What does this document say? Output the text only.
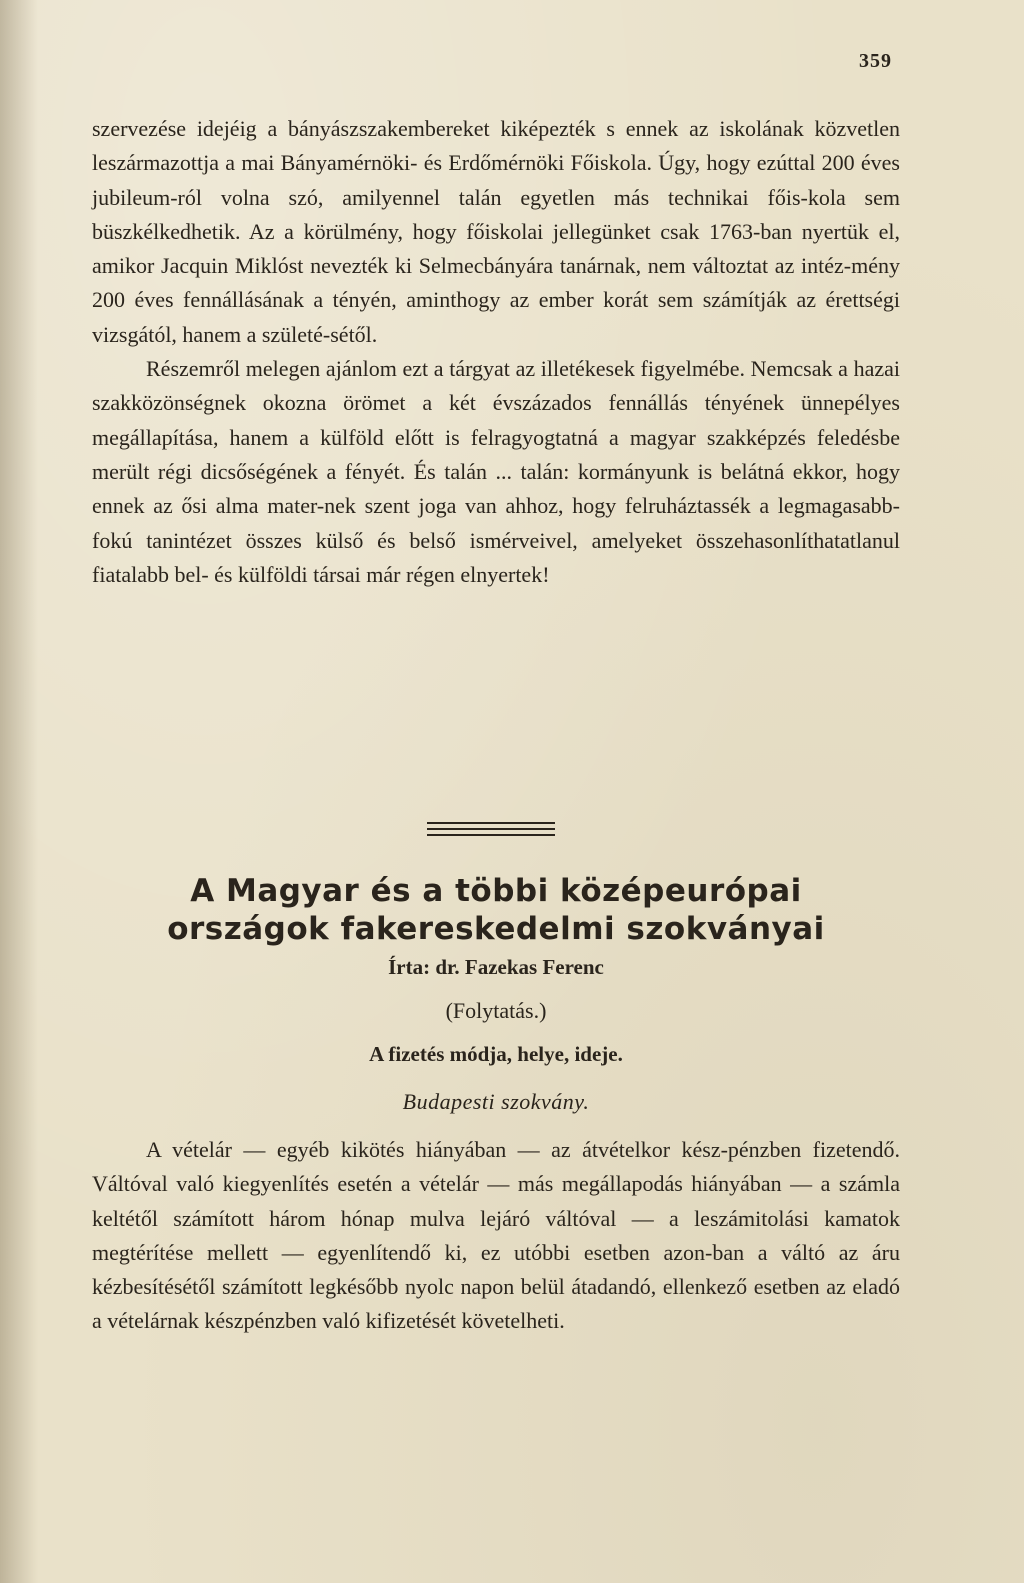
359

szervezése idejéig a bányászszakembereket kiképezték s ennek az iskolának közvetlen leszármazottja a mai Bányamérnöki- és Erdőmérnöki Főiskola. Úgy, hogy ezúttal 200 éves jubileum-ról volna szó, amilyennel talán egyetlen más technikai főis-kola sem büszkélkedhetik. Az a körülmény, hogy főiskolai jellegünket csak 1763-ban nyertük el, amikor Jacquin Miklóst nevezték ki Selmecbányára tanárnak, nem változtat az intéz-mény 200 éves fennállásának a tényén, aminthogy az ember korát sem számítják az érettségi vizsgától, hanem a születé-sétől.

Részemről melegen ajánlom ezt a tárgyat az illetékesek figyelmébe. Nemcsak a hazai szakközönségnek okozna örömet a két évszázados fennállás tényének ünnepélyes megállapítása, hanem a külföld előtt is felragyogtatná a magyar szakképzés feledésbe merült régi dicsőségének a fényét. És talán ... talán: kormányunk is belátná ekkor, hogy ennek az ősi alma mater-nek szent joga van ahhoz, hogy felruháztassék a legmagasabb-fokú tanintézet összes külső és belső ismérveivel, amelyeket összehasonlíthatatlanul fiatalabb bel- és külföldi társai már régen elnyertek!

A Magyar és a többi középeurópai
országok fakereskedelmi szokványai
Írta: dr. Fazekas Ferenc
(Folytatás.)
A fizetés módja, helye, ideje.
Budapesti szokvány.

A vételár — egyéb kikötés hiányában — az átvételkor kész-pénzben fizetendő. Váltóval való kiegyenlítés esetén a vételár — más megállapodás hiányában — a számla keltétől számított három hónap mulva lejáró váltóval — a leszámitolási kamatok megtérítése mellett — egyenlítendő ki, ez utóbbi esetben azon-ban a váltó az áru kézbesítésétől számított legkésőbb nyolc napon belül átadandó, ellenkező esetben az eladó a vételárnak készpénzben való kifizetését követelheti.
